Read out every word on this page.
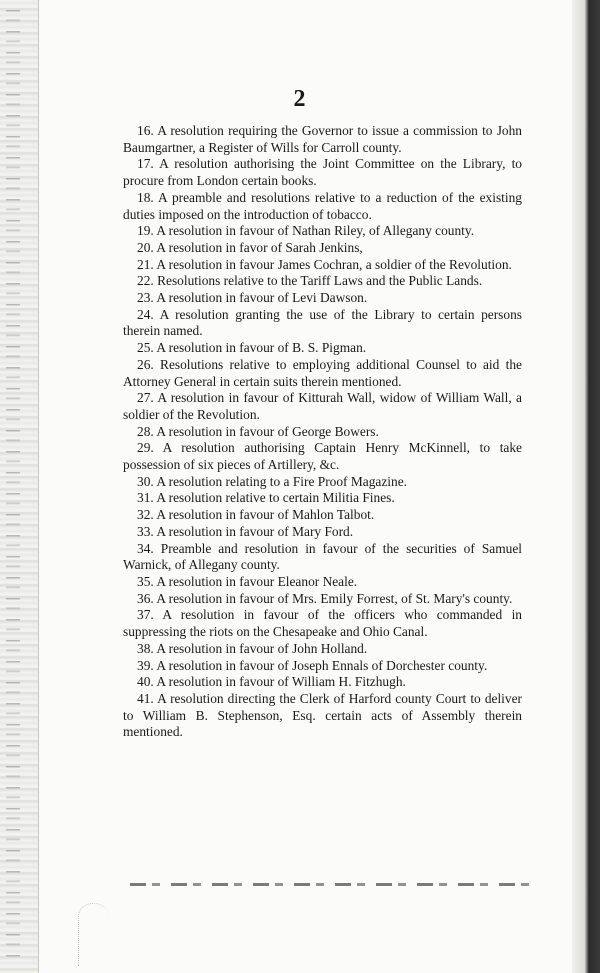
2

16. A resolution requiring the Governor to issue a commission to John Baumgartner, a Register of Wills for Carroll county.

17. A resolution authorising the Joint Committee on the Library, to procure from London certain books.

18. A preamble and resolutions relative to a reduction of the existing duties imposed on the introduction of tobacco.

19. A resolution in favour of Nathan Riley, of Allegany county.

20. A resolution in favor of Sarah Jenkins,

21. A resolution in favour James Cochran, a soldier of the Revolution.

22. Resolutions relative to the Tariff Laws and the Public Lands.

23. A resolution in favour of Levi Dawson.

24. A resolution granting the use of the Library to certain persons therein named.

25. A resolution in favour of B. S. Pigman.

26. Resolutions relative to employing additional Counsel to aid the Attorney General in certain suits therein mentioned.

27. A resolution in favour of Kitturah Wall, widow of William Wall, a soldier of the Revolution.

28. A resolution in favour of George Bowers.

29. A resolution authorising Captain Henry McKinnell, to take possession of six pieces of Artillery, &c.

30. A resolution relating to a Fire Proof Magazine.

31. A resolution relative to certain Militia Fines.

32. A resolution in favour of Mahlon Talbot.

33. A resolution in favour of Mary Ford.

34. Preamble and resolution in favour of the securities of Samuel Warnick, of Allegany county.

35. A resolution in favour Eleanor Neale.

36. A resolution in favour of Mrs. Emily Forrest, of St. Mary's county.

37. A resolution in favour of the officers who commanded in suppressing the riots on the Chesapeake and Ohio Canal.

38. A resolution in favour of John Holland.

39. A resolution in favour of Joseph Ennals of Dorchester county.

40. A resolution in favour of William H. Fitzhugh.

41. A resolution directing the Clerk of Harford county Court to deliver to William B. Stephenson, Esq. certain acts of Assembly therein mentioned.
